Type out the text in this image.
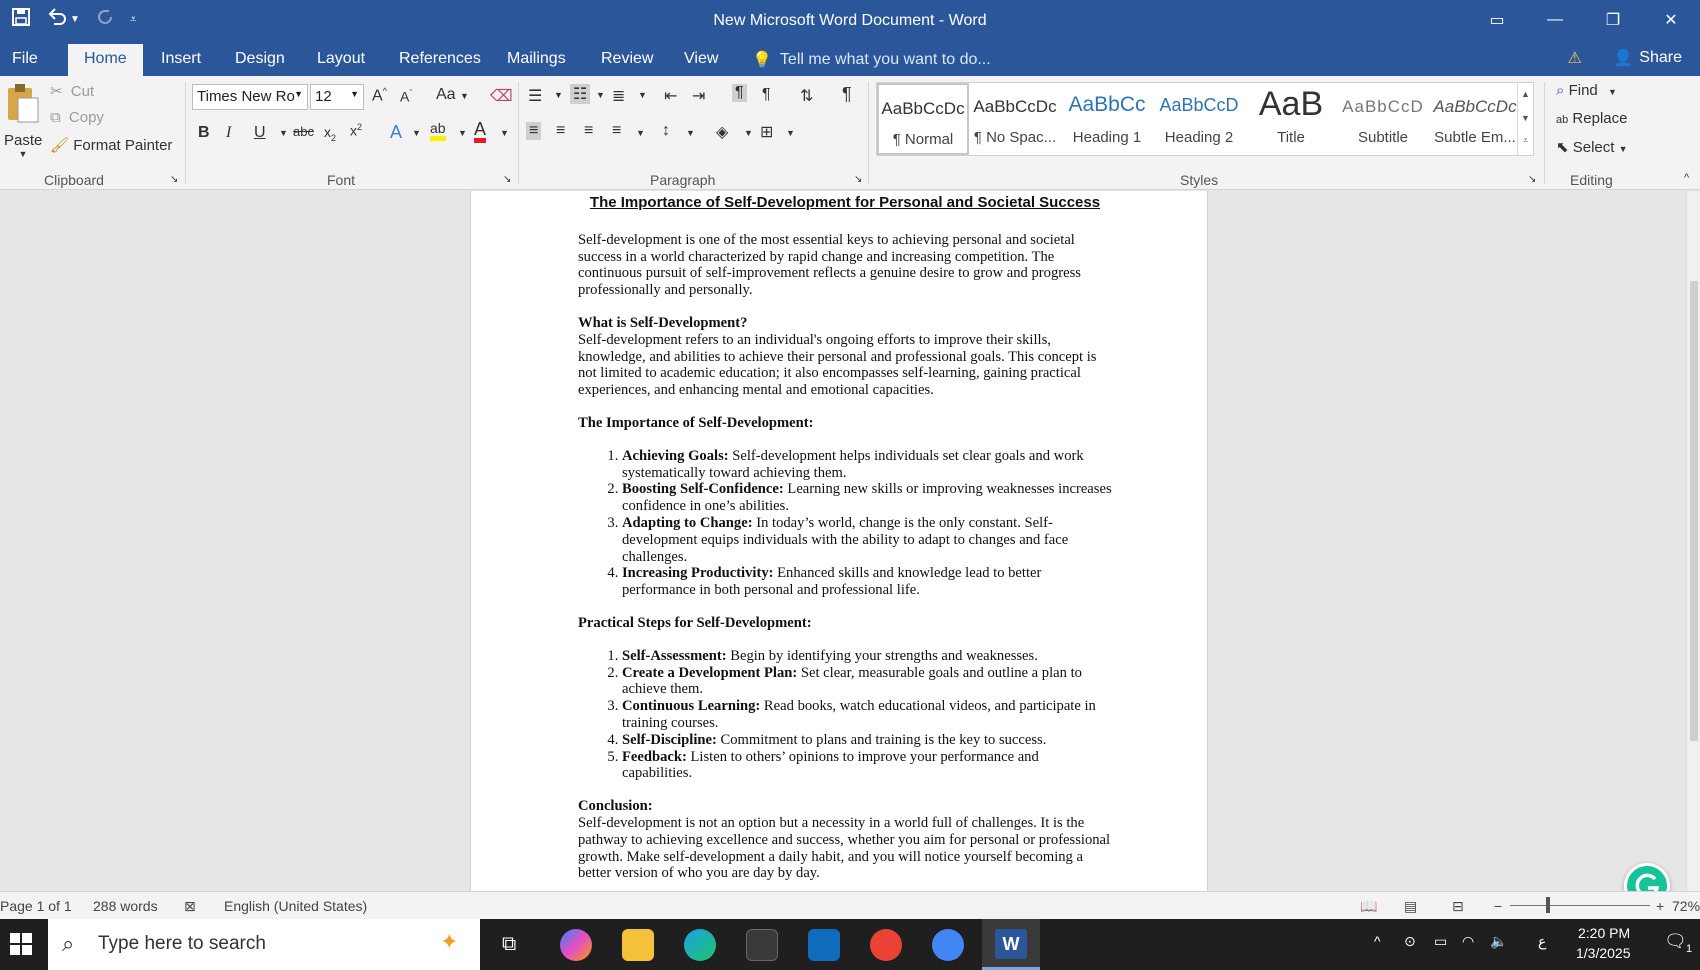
▼	⩡	New Microsoft Word Document - Word	▭	—	❐	✕
File	Home	Insert Design Layout References Mailings Review View 💡 Tell me what you want to do...	⚠ 👤 Share
Paste
▼
✂ Cut
⧉ Copy
🖌 Format Painter
Clipboard	↘
Times New Ro ▼ 12 ▼ A^ $A^ˇ$ Aa ▼ ⌫
B I U ▼ abc $x_2$ $x^2$ A ▼ ab ▼ A ▼
Font	↘
☰ ▼ ☷ ▼ ≣ ▼ ⇤ ⇥ ¶ ¶ ⇅ ¶
≡ ≡ ≡ ≡ ▼ ↕ ▼ ◈ ▼ ⊞ ▼
Paragraph	↘
AaBbCcDc
¶ Normal
AaBbCcDc
¶ No Spac...
AaBbCc
Heading 1
AaBbCcD
Heading 2
AaB
Title
AaBbCcD
Subtitle
AaBbCcDc
Subtle Em...
▲
▼
⩡
Styles	↘
⌕ Find ▼
ab Replace
⬉ Select ▼
Editing	^

The Importance of Self-Development for Personal and Societal Success

Self-development is one of the most essential keys to achieving personal and societal success in a world characterized by rapid change and increasing competition. The continuous pursuit of self-improvement reflects a genuine desire to grow and progress professionally and personally.

What is Self-Development?

Self-development refers to an individual's ongoing efforts to improve their skills, knowledge, and abilities to achieve their personal and professional goals. This concept is not limited to academic education; it also encompasses self-learning, gaining practical experiences, and enhancing mental and emotional capacities.

The Importance of Self-Development:

1. Achieving Goals: Self-development helps individuals set clear goals and work systematically toward achieving them.
2. Boosting Self-Confidence: Learning new skills or improving weaknesses increases confidence in one’s abilities.
3. Adapting to Change: In today’s world, change is the only constant. Self-development equips individuals with the ability to adapt to changes and face challenges.
4. Increasing Productivity: Enhanced skills and knowledge lead to better performance in both personal and professional life.

Practical Steps for Self-Development:

1. Self-Assessment: Begin by identifying your strengths and weaknesses.
2. Create a Development Plan: Set clear, measurable goals and outline a plan to achieve them.
3. Continuous Learning: Read books, watch educational videos, and participate in training courses.
4. Self-Discipline: Commitment to plans and training is the key to success.
5. Feedback: Listen to others’ opinions to improve your performance and capabilities.

Conclusion:

Self-development is not an option but a necessity in a world full of challenges. It is the pathway to achieving excellence and success, whether you aim for personal or professional growth. Make self-development a daily habit, and you will notice yourself becoming a better version of who you are day by day.

Page 1 of 1 288 words ⊠ English (United States)	📖 ▤ ⊟ −	+ 72%
⌕ Type here to search	✦ ⧉	W	^ ⊙ ▭ ◠ 🔈 ع 2:20 PM
1/3/2025
🗨 1
